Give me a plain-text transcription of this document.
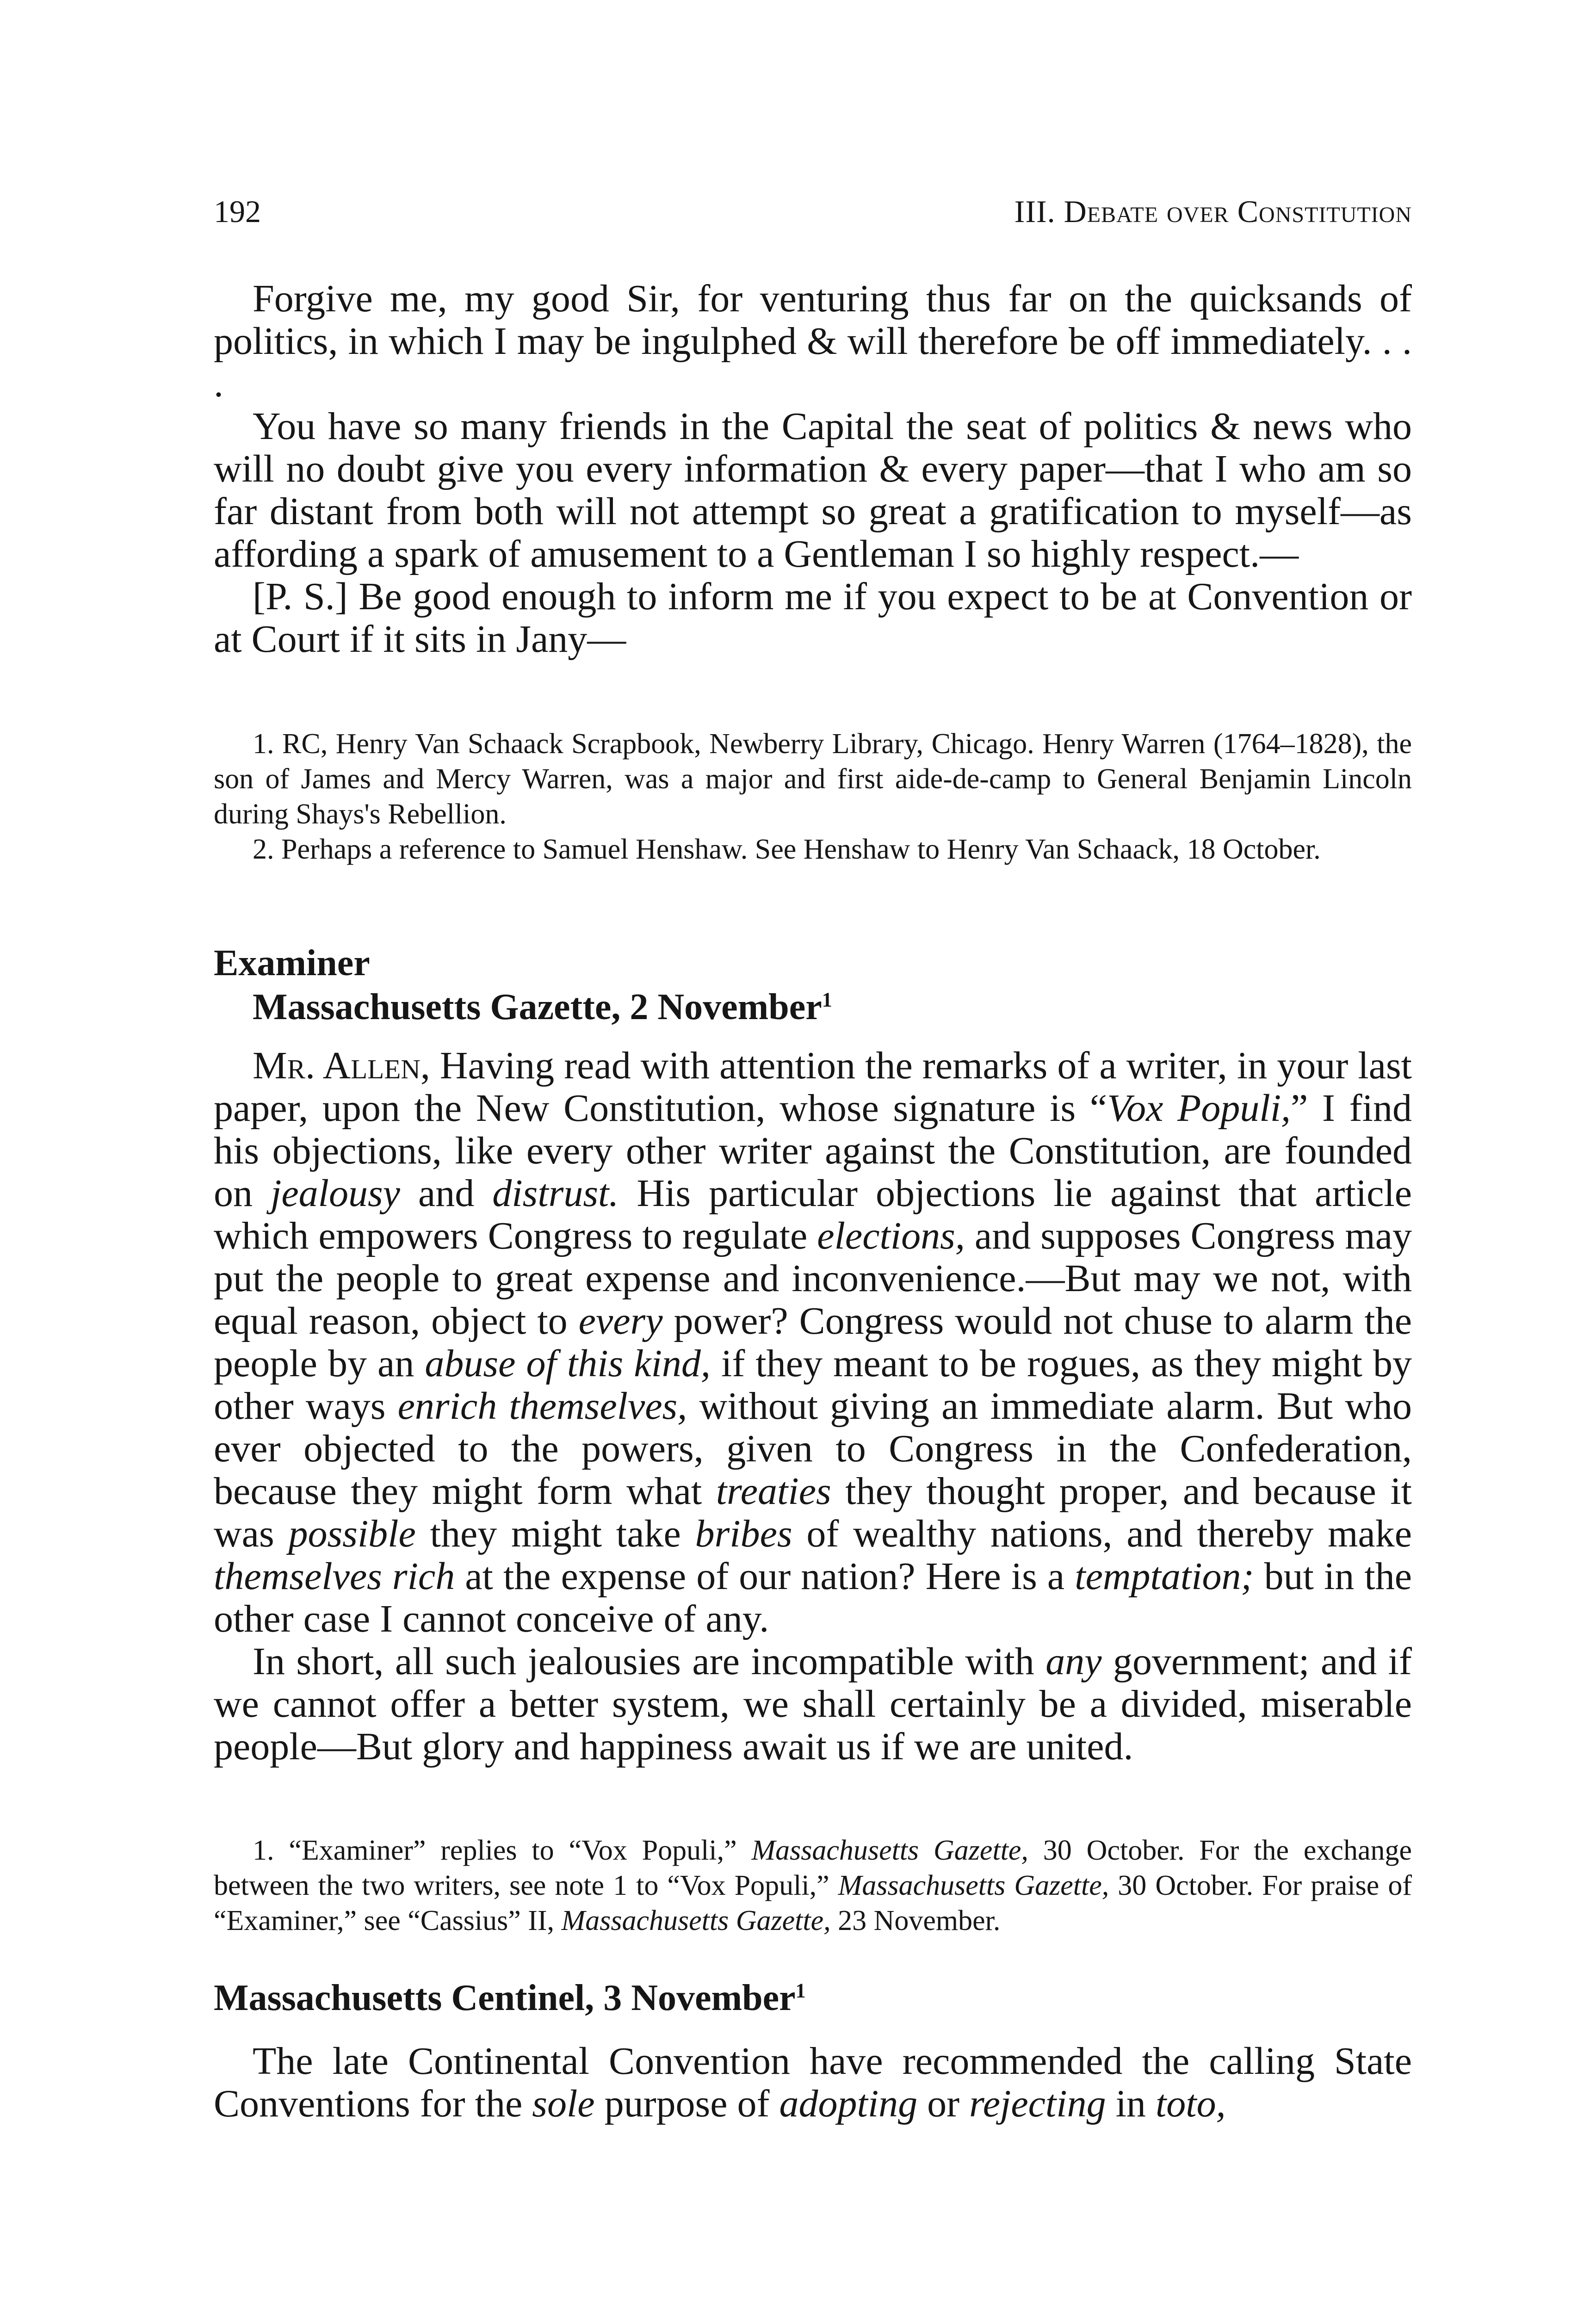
192	III. Debate over Constitution

Forgive me, my good Sir, for venturing thus far on the quicksands of politics, in which I may be ingulphed & will therefore be off immediately. . . .

You have so many friends in the Capital the seat of politics & news who will no doubt give you every information & every paper—that I who am so far distant from both will not attempt so great a gratification to myself—as affording a spark of amusement to a Gentleman I so highly respect.—

[P. S.] Be good enough to inform me if you expect to be at Convention or at Court if it sits in Jany—

1. RC, Henry Van Schaack Scrapbook, Newberry Library, Chicago. Henry Warren (1764–1828), the son of James and Mercy Warren, was a major and first aide-de-camp to General Benjamin Lincoln during Shays's Rebellion.

2. Perhaps a reference to Samuel Henshaw. See Henshaw to Henry Van Schaack, 18 October.

Examiner
Massachusetts Gazette, 2 November$^1$

Mr. Allen, Having read with attention the remarks of a writer, in your last paper, upon the New Constitution, whose signature is “Vox Populi,” I find his objections, like every other writer against the Constitution, are founded on jealousy and distrust. His particular objections lie against that article which empowers Congress to regulate elections, and supposes Congress may put the people to great expense and inconvenience.—But may we not, with equal reason, object to every power? Congress would not chuse to alarm the people by an abuse of this kind, if they meant to be rogues, as they might by other ways enrich themselves, without giving an immediate alarm. But who ever objected to the powers, given to Congress in the Confederation, because they might form what treaties they thought proper, and because it was possible they might take bribes of wealthy nations, and thereby make themselves rich at the expense of our nation? Here is a temptation; but in the other case I cannot conceive of any.

In short, all such jealousies are incompatible with any government; and if we cannot offer a better system, we shall certainly be a divided, miserable people—But glory and happiness await us if we are united.

1. “Examiner” replies to “Vox Populi,” Massachusetts Gazette, 30 October. For the exchange between the two writers, see note 1 to “Vox Populi,” Massachusetts Gazette, 30 October. For praise of “Examiner,” see “Cassius” II, Massachusetts Gazette, 23 November.

Massachusetts Centinel, 3 November$^1$

The late Continental Convention have recommended the calling State Conventions for the sole purpose of adopting or rejecting in toto,
